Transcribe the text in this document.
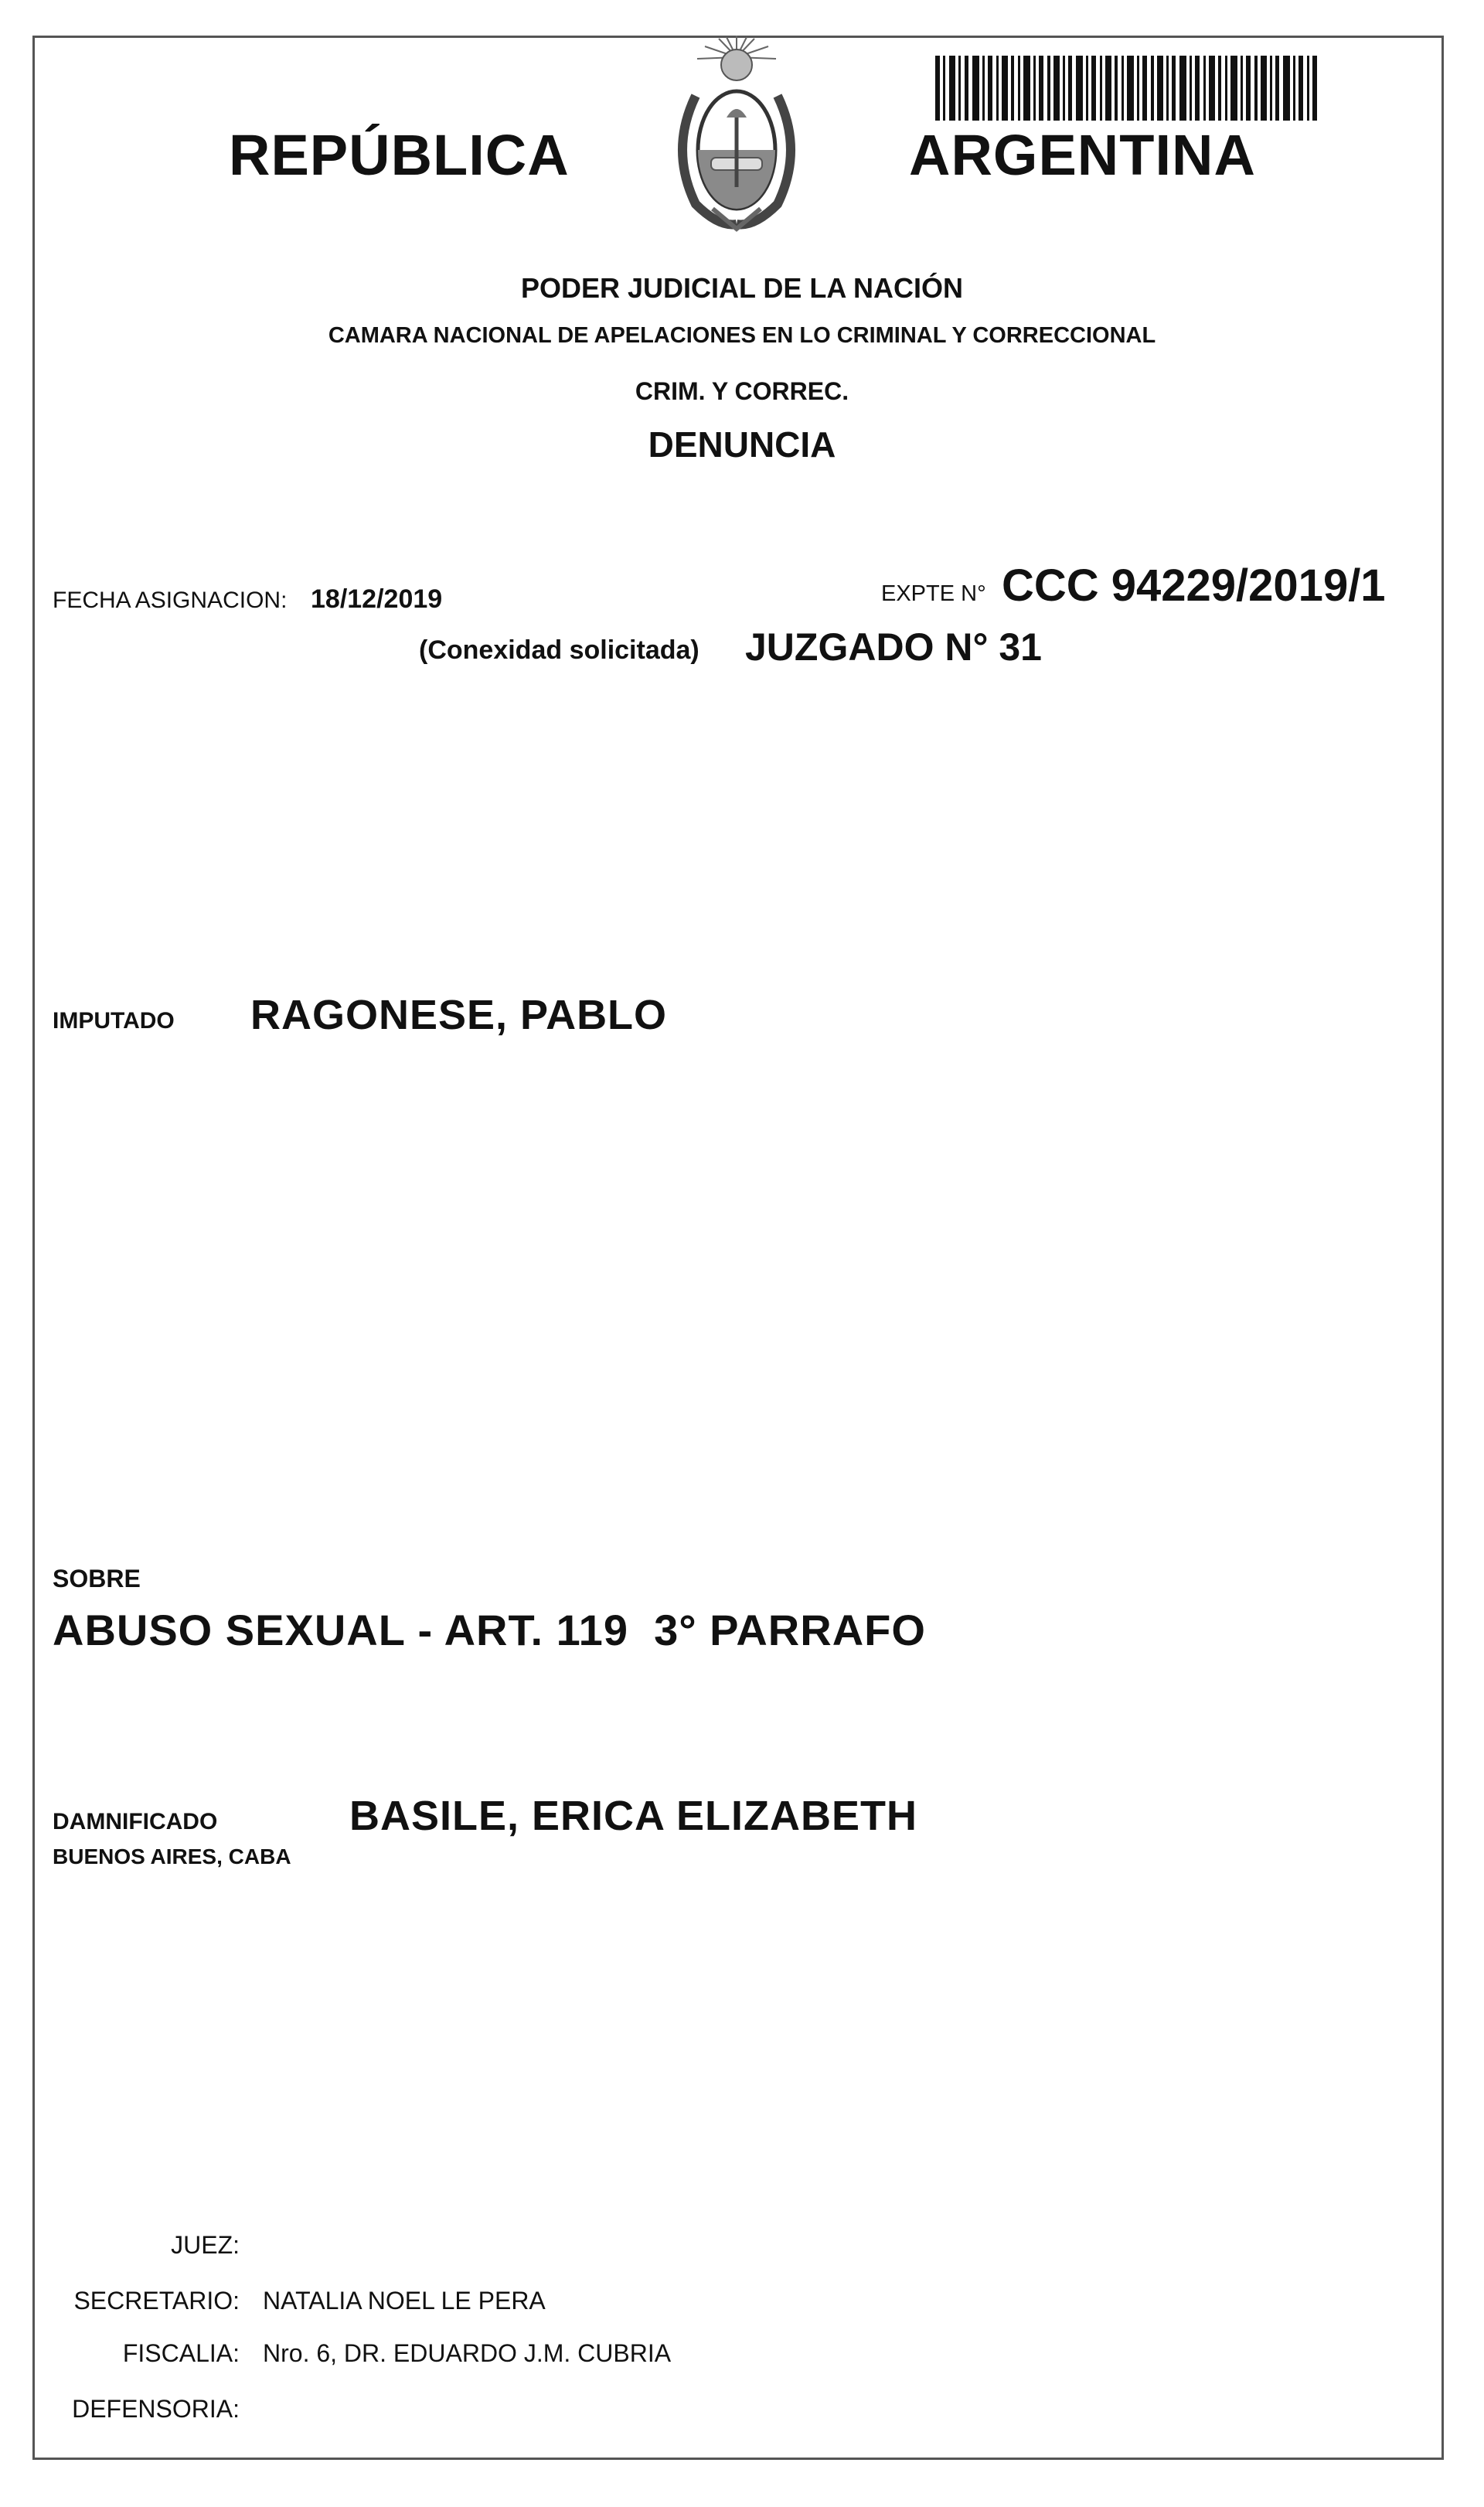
REPÚBLICA	ARGENTINA
PODER JUDICIAL DE LA NACIÓN
CAMARA NACIONAL DE APELACIONES EN LO CRIMINAL Y CORRECCIONAL
CRIM. Y CORREC.
DENUNCIA
FECHA ASIGNACION: 18/12/2019	EXPTE N° CCC 94229/2019/1
(Conexidad solicitada) JUZGADO N° 31
IMPUTADO RAGONESE, PABLO
SOBRE
ABUSO SEXUAL - ART. 119  3° PARRAFO
DAMNIFICADO
BUENOS AIRES, CABA
BASILE, ERICA ELIZABETH
JUEZ:
SECRETARIO: NATALIA NOEL LE PERA
FISCALIA: Nro. 6, DR. EDUARDO J.M. CUBRIA
DEFENSORIA:
